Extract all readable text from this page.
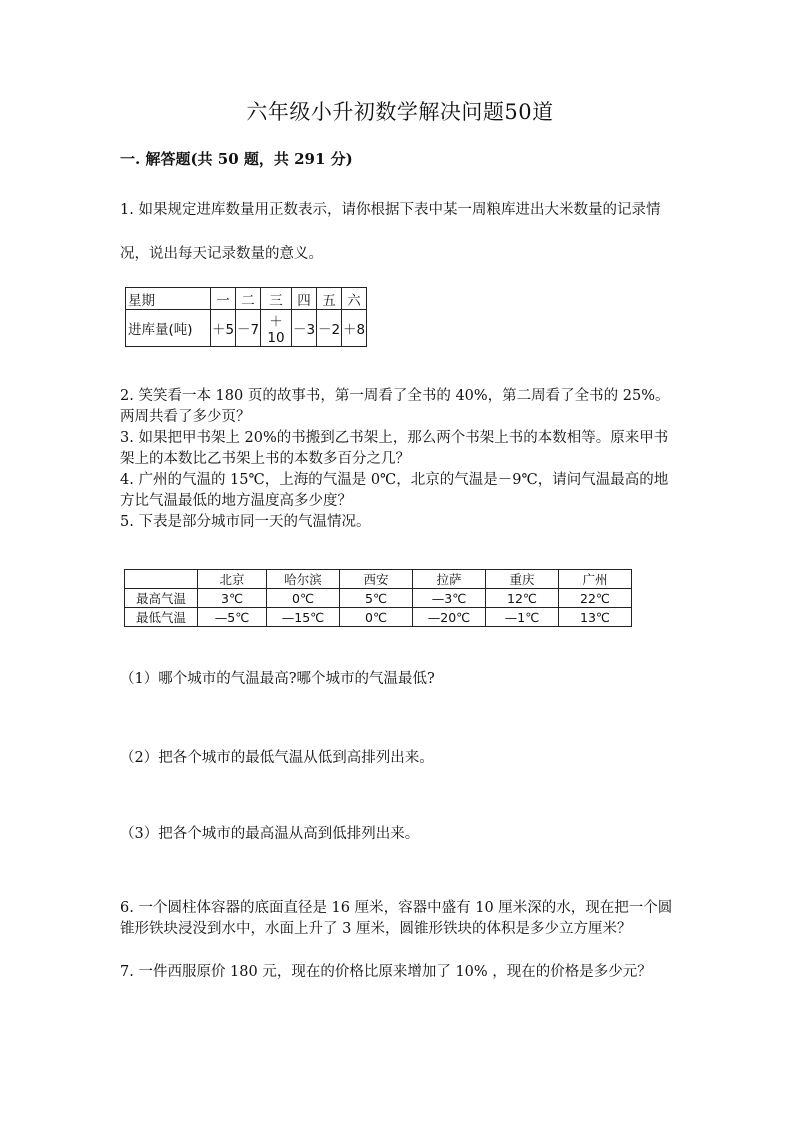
六年级小升初数学解决问题50道
一. 解答题(共 50 题，共 291 分)

1. 如果规定进库数量用正数表示，请你根据下表中某一周粮库进出大米数量的记录情况，说出每天记录数量的意义。

星期	一	二	三	四	五	六
进库量(吨)	＋5	－7	＋10	－3	－2	＋8

2. 笑笑看一本 180 页的故事书，第一周看了全书的 40%，第二周看了全书的 25%。两周共看了多少页？

3. 如果把甲书架上 20%的书搬到乙书架上，那么两个书架上书的本数相等。原来甲书架上的本数比乙书架上书的本数多百分之几？

4. 广州的气温的 15℃，上海的气温是 0℃，北京的气温是－9℃，请问气温最高的地方比气温最低的地方温度高多少度？

5. 下表是部分城市同一天的气温情况。

	北京	哈尔滨	西安	拉萨	重庆	广州
最高气温	3℃	0℃	5℃	—3℃	12℃	22℃
最低气温	—5℃	—15℃	0℃	—20℃	—1℃	13℃
（1）哪个城市的气温最高?哪个城市的气温最低?
（2）把各个城市的最低气温从低到高排列出来。
（3）把各个城市的最高温从高到低排列出来。

6. 一个圆柱体容器的底面直径是 16 厘米，容器中盛有 10 厘米深的水，现在把一个圆锥形铁块浸没到水中，水面上升了 3 厘米，圆锥形铁块的体积是多少立方厘米？

7. 一件西服原价 180 元，现在的价格比原来增加了 10% ，现在的价格是多少元？
